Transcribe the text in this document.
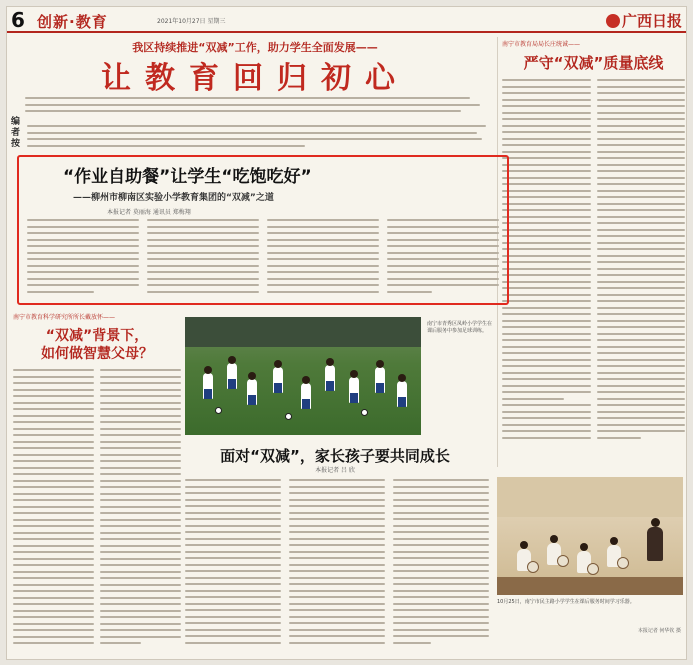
6 创新·教育	2021年10月27日 星期三	广西日报
我区持续推进“双减”工作，助力学生全面发展——
让教育回归初心
编者按
南宁市教育局局长庄统诚——
严守“双减”质量底线
“作业自助餐”让学生“吃饱吃好”
——柳州市柳南区实验小学教育集团的“双减”之道
本报记者 莫丽海 通讯员 郑梅翔
南宁市教育科学研究所所长戴放怀——
“双减”背景下，
如何做智慧父母？
南宁市青秀区凤岭小学学生在课后服务中参加足球训练。
面对“双减”，家长孩子要共同成长
本报记者 吕 欣
10月25日，南宁市民主路小学学生在课后服务时间学习乐器。
本报记者 何华钦 摄
